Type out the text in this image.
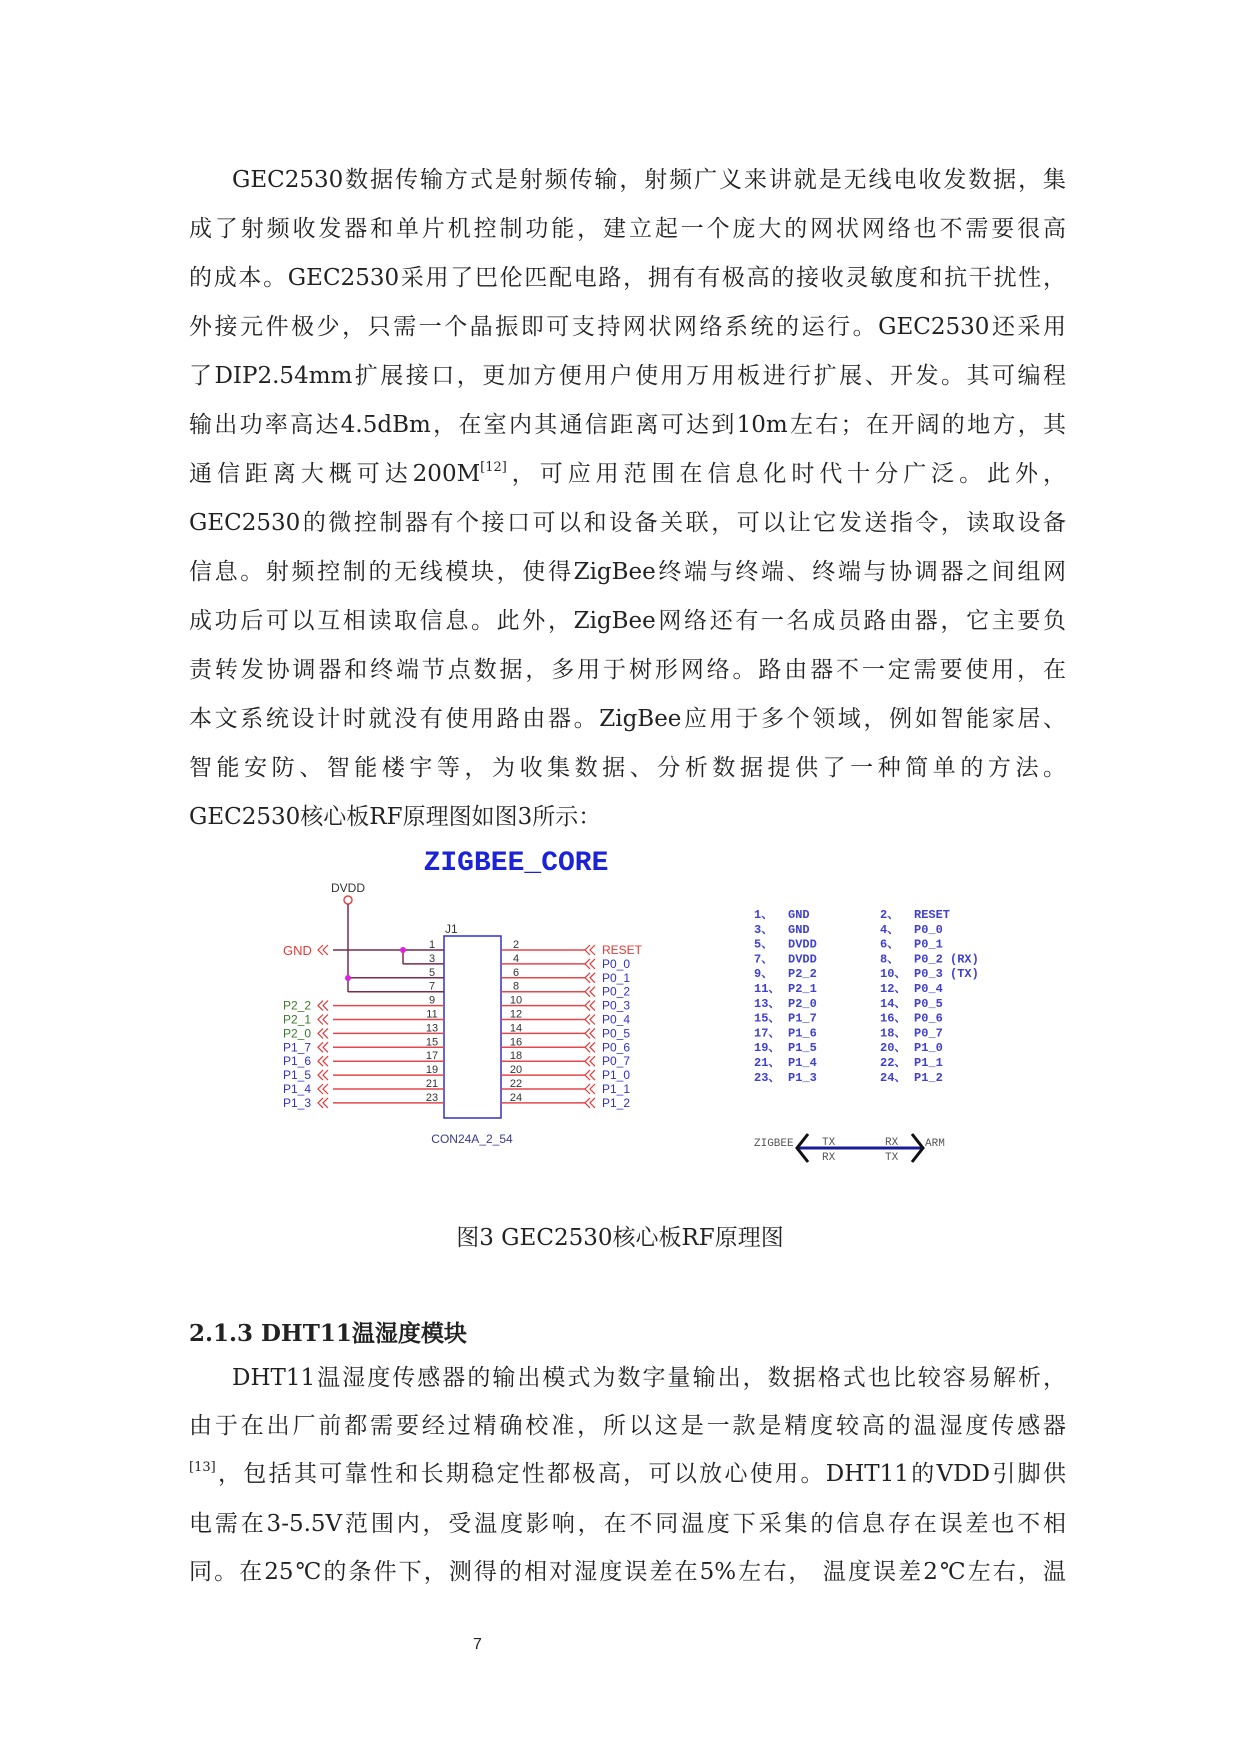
GEC2530数据传输方式是射频传输，射频广义来讲就是无线电收发数据，集
成了射频收发器和单片机控制功能，建立起一个庞大的网状网络也不需要很高
的成本。GEC2530采用了巴伦匹配电路，拥有有极高的接收灵敏度和抗干扰性，
外接元件极少，只需一个晶振即可支持网状网络系统的运行。GEC2530还采用
了DIP2.54mm扩展接口，更加方便用户使用万用板进行扩展、开发。其可编程
输出功率高达4.5dBm，在室内其通信距离可达到10m左右；在开阔的地方，其
通信距离大概可达200M[12]，可应用范围在信息化时代十分广泛。此外，
GEC2530的微控制器有个接口可以和设备关联，可以让它发送指令，读取设备
信息。射频控制的无线模块，使得ZigBee终端与终端、终端与协调器之间组网
成功后可以互相读取信息。此外，ZigBee网络还有一名成员路由器，它主要负
责转发协调器和终端节点数据，多用于树形网络。路由器不一定需要使用，在
本文系统设计时就没有使用路由器。ZigBee应用于多个领域，例如智能家居、
智能安防、智能楼宇等，为收集数据、分析数据提供了一种简单的方法。
GEC2530核心板RF原理图如图3所示：
ZIGBEE_CORE
DVDD
J1
CON24A_2_54
GND	1	2	RESET
3	4	P0_0
5	6	P0_1
7	8	P0_2
9	10	P0_3
P2_2
11	12	P0_4
P2_1
13	14	P0_5
P2_0
15	16	P0_6
P1_7
17	18	P0_7
P1_6
19	20	P1_0
P1_5
21	22	P1_1
P1_4
23	24	P1_2
P1_3
1、 GND	2、 RESET
3、 GND	4、 P0_0
5、 DVDD	6、 P0_1
7、 DVDD	8、 P0_2 (RX)
9、 P2_2	10、 P0_3 (TX)
11、 P2_1	12、 P0_4
13、 P2_0	14、 P0_5
15、 P1_7	16、 P0_6
17、 P1_6	18、 P0_7
19、 P1_5	20、 P1_0
21、 P1_4	22、 P1_1
23、 P1_3	24、 P1_2
ZIGBEE	ARM
TX	RX
RX	TX
图3 GEC2530核心板RF原理图
2.1.3 DHT11温湿度模块
DHT11温湿度传感器的输出模式为数字量输出，数据格式也比较容易解析，
由于在出厂前都需要经过精确校准，所以这是一款是精度较高的温湿度传感器
[13]，包括其可靠性和长期稳定性都极高，可以放心使用。DHT11的VDD引脚供
电需在3-5.5V范围内，受温度影响，在不同温度下采集的信息存在误差也不相
同。在25℃的条件下，测得的相对湿度误差在5%左右， 温度误差2℃左右，温
7
